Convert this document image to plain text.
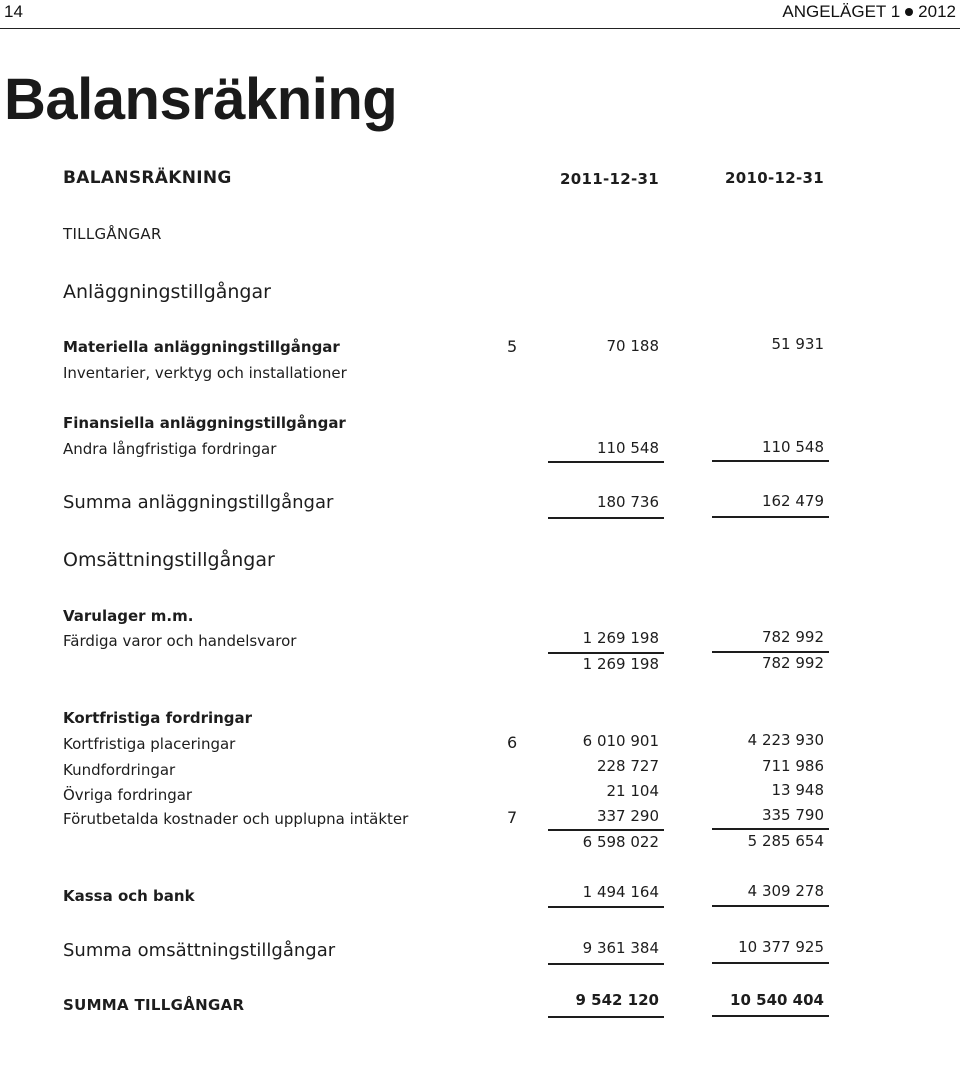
14	ANGELÄGET 1 2012
Balansräkning
BALANSRÄKNING	2011-12-31	2010-12-31
TILLGÅNGAR
Anläggningstillgångar
Materiella anläggningstillgångar	5	70 188	51 931
Inventarier, verktyg och installationer
Finansiella anläggningstillgångar
Andra långfristiga fordringar	110 548	110 548
Summa anläggningstillgångar	180 736	162 479
Omsättningstillgångar
Varulager m.m.
Färdiga varor och handelsvaror	1 269 198	782 992
1 269 198	782 992
Kortfristiga fordringar
Kortfristiga placeringar	6	6 010 901	4 223 930
Kundfordringar	228 727	711 986
Övriga fordringar	21 104	13 948
Förutbetalda kostnader och upplupna intäkter	7	337 290	335 790
6 598 022	5 285 654
Kassa och bank	1 494 164	4 309 278
Summa omsättningstillgångar	9 361 384	10 377 925
SUMMA TILLGÅNGAR	9 542 120	10 540 404
